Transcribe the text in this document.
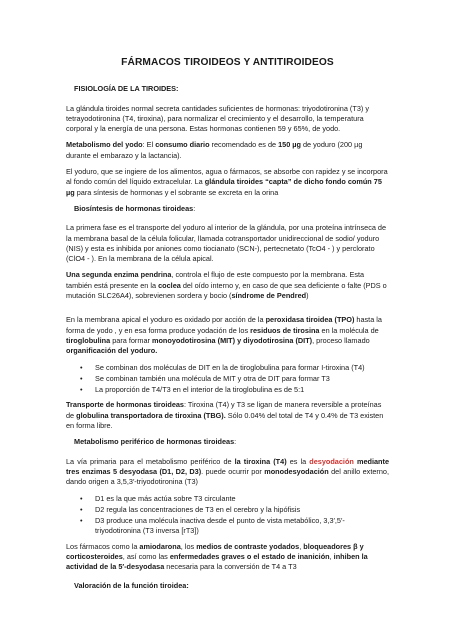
FÁRMACOS TIROIDEOS Y ANTITIROIDEOS
FISIOLOGÍA DE LA TIROIDES:

La glándula tiroides normal secreta cantidades suficientes de hormonas: triyodotironina (T3) y tetrayodotironina (T4, tiroxina), para normalizar el crecimiento y el desarrollo, la temperatura corporal y la energía de una persona. Estas hormonas contienen 59 y 65%, de yodo.

Metabolismo del yodo: El consumo diario recomendado es de 150 µg de yoduro (200 µg durante el embarazo y la lactancia).

El yoduro, que se ingiere de los alimentos, agua o fármacos, se absorbe con rapidez y se incorpora al fondo común del líquido extracelular. La glándula tiroides “capta” de dicho fondo común 75 µg para síntesis de hormonas y el sobrante se excreta en la orina

Biosíntesis de hormonas tiroideas:

La primera fase es el transporte del yoduro al interior de la glándula, por una proteína intrínseca de la membrana basal de la célula folicular, llamada cotransportador unidireccional de sodio/ yoduro (NIS) y esta es inhibida por aniones como tiocianato (SCN-), pertecnetato (TcO4 - ) y perclorato (ClO4 - ). En la membrana de la célula apical.

Una segunda enzima pendrina, controla el flujo de este compuesto por la membrana. Esta también está presente en la coclea del oído interno y, en caso de que sea deficiente o falte (PDS o mutación SLC26A4), sobrevienen sordera y bocio (síndrome de Pendred)

En la membrana apical el yoduro es oxidado por acción de la peroxidasa tiroidea (TPO) hasta la forma de yodo , y en esa forma produce yodación de los residuos de tirosina en la molécula de tiroglobulina para formar monoyodotirosina (MIT) y diyodotirosina (DIT), proceso llamado organificación del yoduro.

• Se combinan dos moléculas de DIT en la de tiroglobulina para formar I-tiroxina (T4)
• Se combinan también una molécula de MIT y otra de DIT para formar T3
• La proporción de T4/T3 en el interior de la tiroglobulina es de 5:1

Transporte de hormonas tiroideas: Tiroxina (T4) y T3 se ligan de manera reversible a proteínas de globulina transportadora de tiroxina (TBG). Sólo 0.04% del total de T4 y 0.4% de T3 existen en forma libre.

Metabolismo periférico de hormonas tiroideas:

La vía primaria para el metabolismo periférico de la tiroxina (T4) es la desyodación mediante tres enzimas 5 desyodasa (D1, D2, D3). puede ocurrir por monodesyodación del anillo externo, dando origen a 3,5,3′-triyodotironina (T3)

• D1 es la que más actúa sobre T3 circulante
• D2 regula las concentraciones de T3 en el cerebro y la hipófisis
• D3 produce una molécula inactiva desde el punto de vista metabólico, 3,3′,5′-triyodotironina (T3 inversa [rT3])

Los fármacos como la amiodarona, los medios de contraste yodados, bloqueadores β y corticosteroides, así como las enfermedades graves o el estado de inanición, inhiben la actividad de la 5′-desyodasa necesaria para la conversión de T4 a T3

Valoración de la función tiroidea:
